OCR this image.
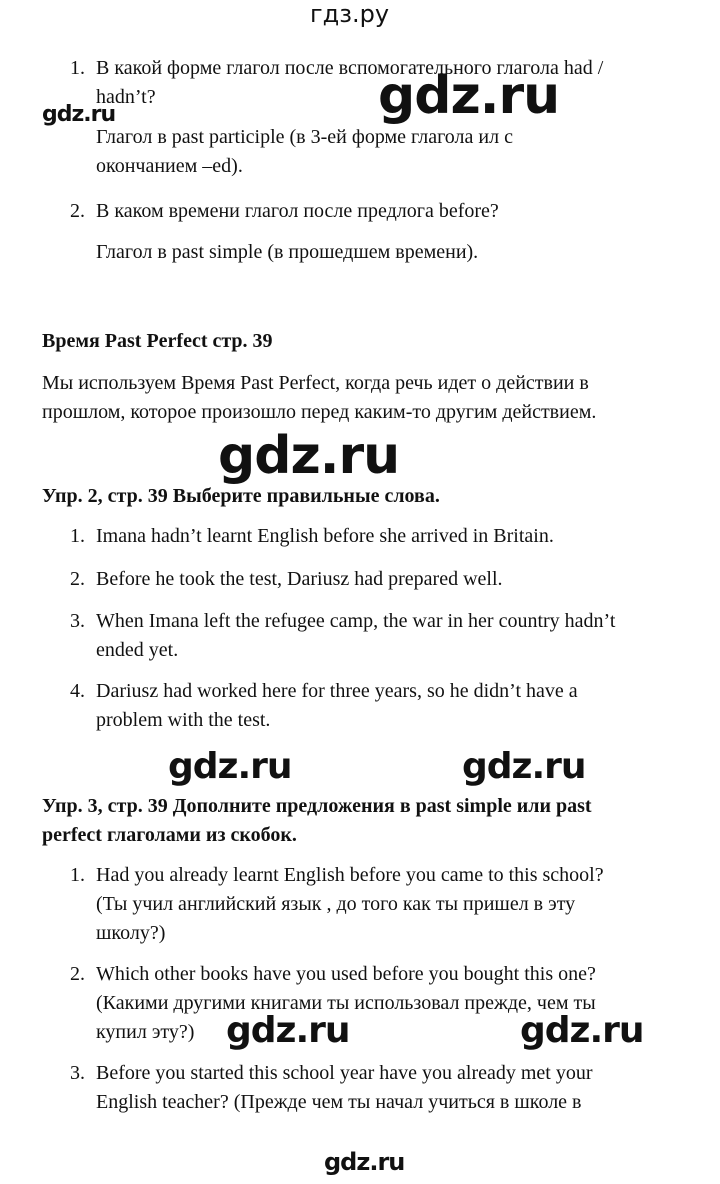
гдз.ру
gdz.ru	gdz.ru
gdz.ru
gdz.ru	gdz.ru
gdz.ru	gdz.ru
gdz.ru
1. В какой форме глагол после вспомогательного глагола had /
hadn’t?
Глагол в past participle (в 3-ей форме глагола ил с
окончанием –ed).
2. В каком времени глагол после предлога before?
Глагол в past simple (в прошедшем времени).
Время Past Perfect стр. 39
Мы используем Время Past Perfect, когда речь идет о действии в
прошлом, которое произошло перед каким-то другим действием.
Упр. 2, стр. 39 Выберите правильные слова.
1. Imana hadn’t learnt English before she arrived in Britain.
2. Before he took the test, Dariusz had prepared well.
3. When Imana left the refugee camp, the war in her country hadn’t
ended yet.
4. Dariusz had worked here for three years, so he didn’t have a
problem with the test.
Упр. 3, стр. 39 Дополните предложения в past simple или past
perfect глаголами из скобок.
1. Had you already learnt English before you came to this school?
(Ты учил английский язык , до того как ты пришел в эту
школу?)
2. Which other books have you used before you bought this one?
(Какими другими книгами ты использовал прежде, чем ты
купил эту?)
3. Before you started this school year have you already met your
English teacher? (Прежде чем ты начал учиться в школе в
